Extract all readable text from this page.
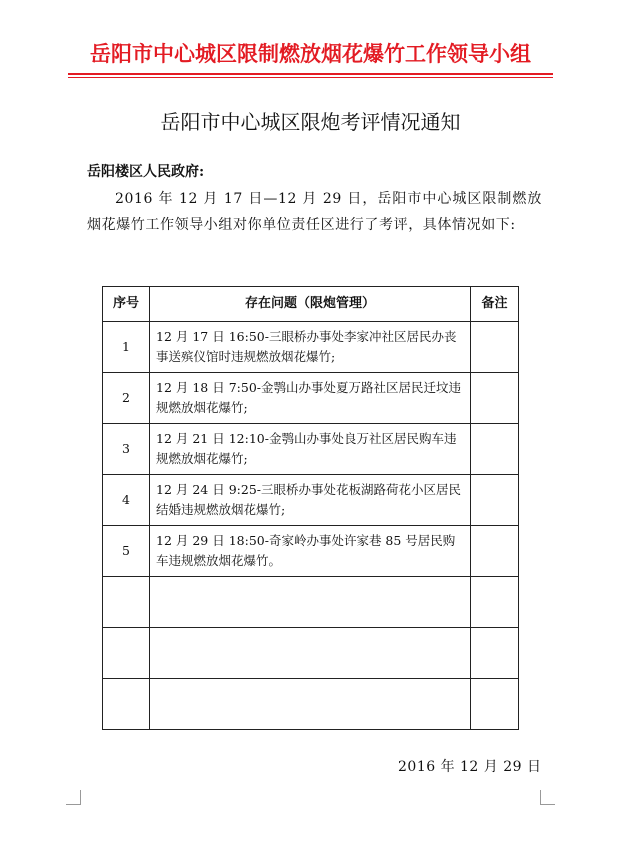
岳阳市中心城区限制燃放烟花爆竹工作领导小组
岳阳市中心城区限炮考评情况通知
岳阳楼区人民政府:
2016 年 12 月 17 日—12 月 29 日，岳阳市中心城区限制燃放烟花爆竹工作领导小组对你单位责任区进行了考评，具体情况如下:
序号	存在问题（限炮管理）	备注
1	12 月 17 日 16:50-三眼桥办事处李家冲社区居民办丧事送殡仪馆时违规燃放烟花爆竹;	
2	12 月 18 日 7:50-金鹗山办事处夏万路社区居民迁坟违规燃放烟花爆竹;	
3	12 月 21 日 12:10-金鹗山办事处良万社区居民购车违规燃放烟花爆竹;	
4	12 月 24 日 9:25-三眼桥办事处花板湖路荷花小区居民结婚违规燃放烟花爆竹;	
5	12 月 29 日 18:50-奇家岭办事处许家巷 85 号居民购车违规燃放烟花爆竹。	

2016 年 12 月 29 日
